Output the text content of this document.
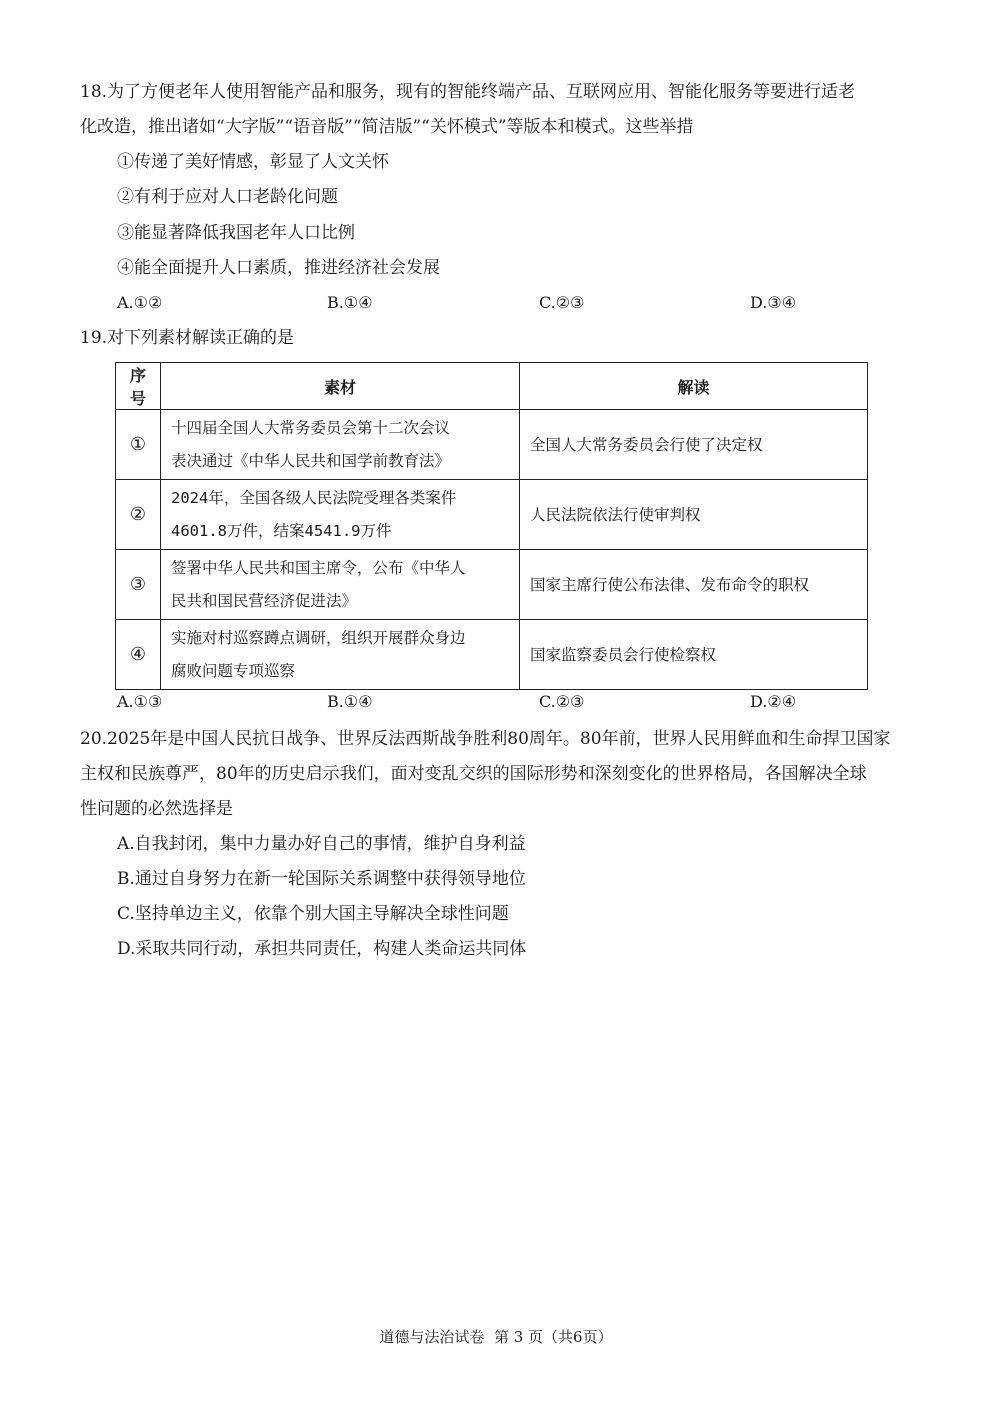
18.为了方便老年人使用智能产品和服务，现有的智能终端产品、互联网应用、智能化服务等要进行适老
化改造，推出诸如“大字版”“语音版”“简洁版”“关怀模式”等版本和模式。这些举措
①传递了美好情感，彰显了人文关怀
②有利于应对人口老龄化问题
③能显著降低我国老年人口比例
④能全面提升人口素质，推进经济社会发展
A.①②	B.①④	C.②③	D.③④
19.对下列素材解读正确的是
序号	素材	解读
①	十四届全国人大常务委员会第十二次会议
表决通过《中华人民共和国学前教育法》	全国人大常务委员会行使了决定权
②	2024年，全国各级人民法院受理各类案件
4601.8万件，结案4541.9万件	人民法院依法行使审判权
③	签署中华人民共和国主席令，公布《中华人
民共和国民营经济促进法》	国家主席行使公布法律、发布命令的职权
④	实施对村巡察蹲点调研，组织开展群众身边
腐败问题专项巡察	国家监察委员会行使检察权
A.①③	B.①④	C.②③	D.②④
20.2025年是中国人民抗日战争、世界反法西斯战争胜利80周年。80年前，世界人民用鲜血和生命捍卫国家
主权和民族尊严，80年的历史启示我们，面对变乱交织的国际形势和深刻变化的世界格局，各国解决全球
性问题的必然选择是
A.自我封闭，集中力量办好自己的事情，维护自身利益
B.通过自身努力在新一轮国际关系调整中获得领导地位
C.坚持单边主义，依靠个别大国主导解决全球性问题
D.采取共同行动，承担共同责任，构建人类命运共同体
道德与法治试卷  第 3 页（共6页）
